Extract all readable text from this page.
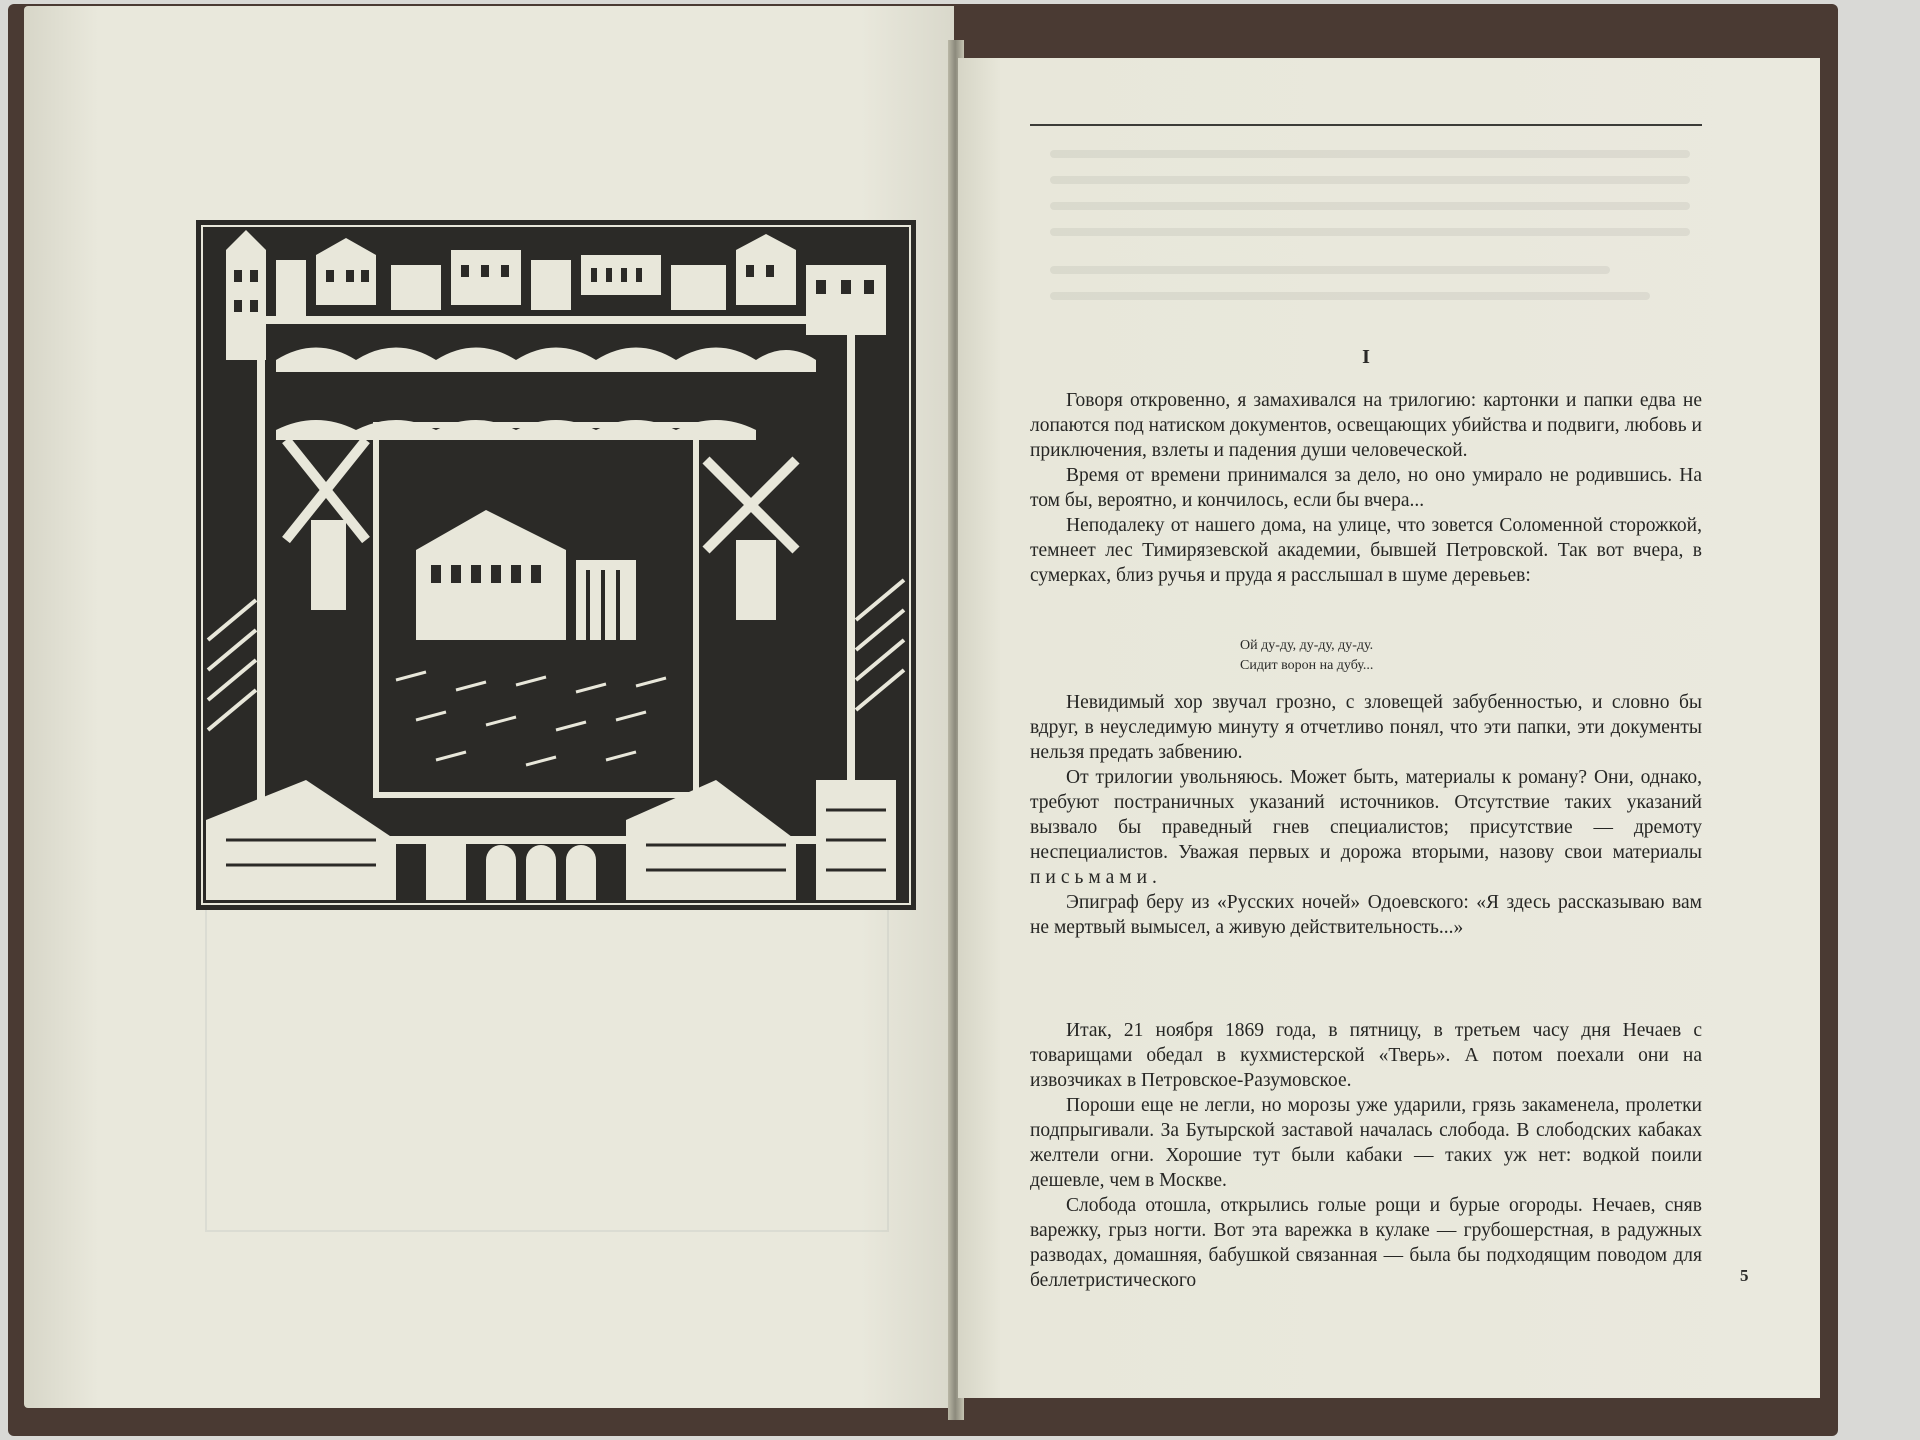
I

Говоря откровенно, я замахивался на трилогию: картонки и папки едва не лопаются под натиском документов, освещающих убийства и подвиги, любовь и приключения, взлеты и падения души человеческой.

Время от времени принимался за дело, но оно умирало не родившись. На том бы, вероятно, и кончилось, если бы вчера...

Неподалеку от нашего дома, на улице, что зовется Соломенной сторожкой, темнеет лес Тимирязевской академии, бывшей Петровской. Так вот вчера, в сумерках, близ ручья и пруда я расслышал в шуме деревьев:

Ой ду-ду, ду-ду, ду-ду.
Сидит ворон на дубу...

Невидимый хор звучал грозно, с зловещей забубенностью, и словно бы вдруг, в неуследимую минуту я отчетливо понял, что эти папки, эти документы нельзя предать забвению.

От трилогии увольняюсь. Может быть, материалы к роману? Они, однако, требуют постраничных указаний источников. Отсутствие таких указаний вызвало бы праведный гнев специалистов; присутствие — дремоту неспециалистов. Уважая первых и дорожа вторыми, назову свои материалы письмами.

Эпиграф беру из «Русских ночей» Одоевского: «Я здесь рассказываю вам не мертвый вымысел, а живую действительность...»

Итак, 21 ноября 1869 года, в пятницу, в третьем часу дня Нечаев с товарищами обедал в кухмистерской «Тверь». А потом поехали они на извозчиках в Петровское-Разумовское.

Пороши еще не легли, но морозы уже ударили, грязь закаменела, пролетки подпрыгивали. За Бутырской заставой началась слобода. В слободских кабаках желтели огни. Хорошие тут были кабаки — таких уж нет: водкой поили дешевле, чем в Москве.

Слобода отошла, открылись голые рощи и бурые огороды. Нечаев, сняв варежку, грыз ногти. Вот эта варежка в кулаке — грубошерстная, в радужных разводах, домашняя, бабушкой связанная — была бы подходящим поводом для беллетристического	5
